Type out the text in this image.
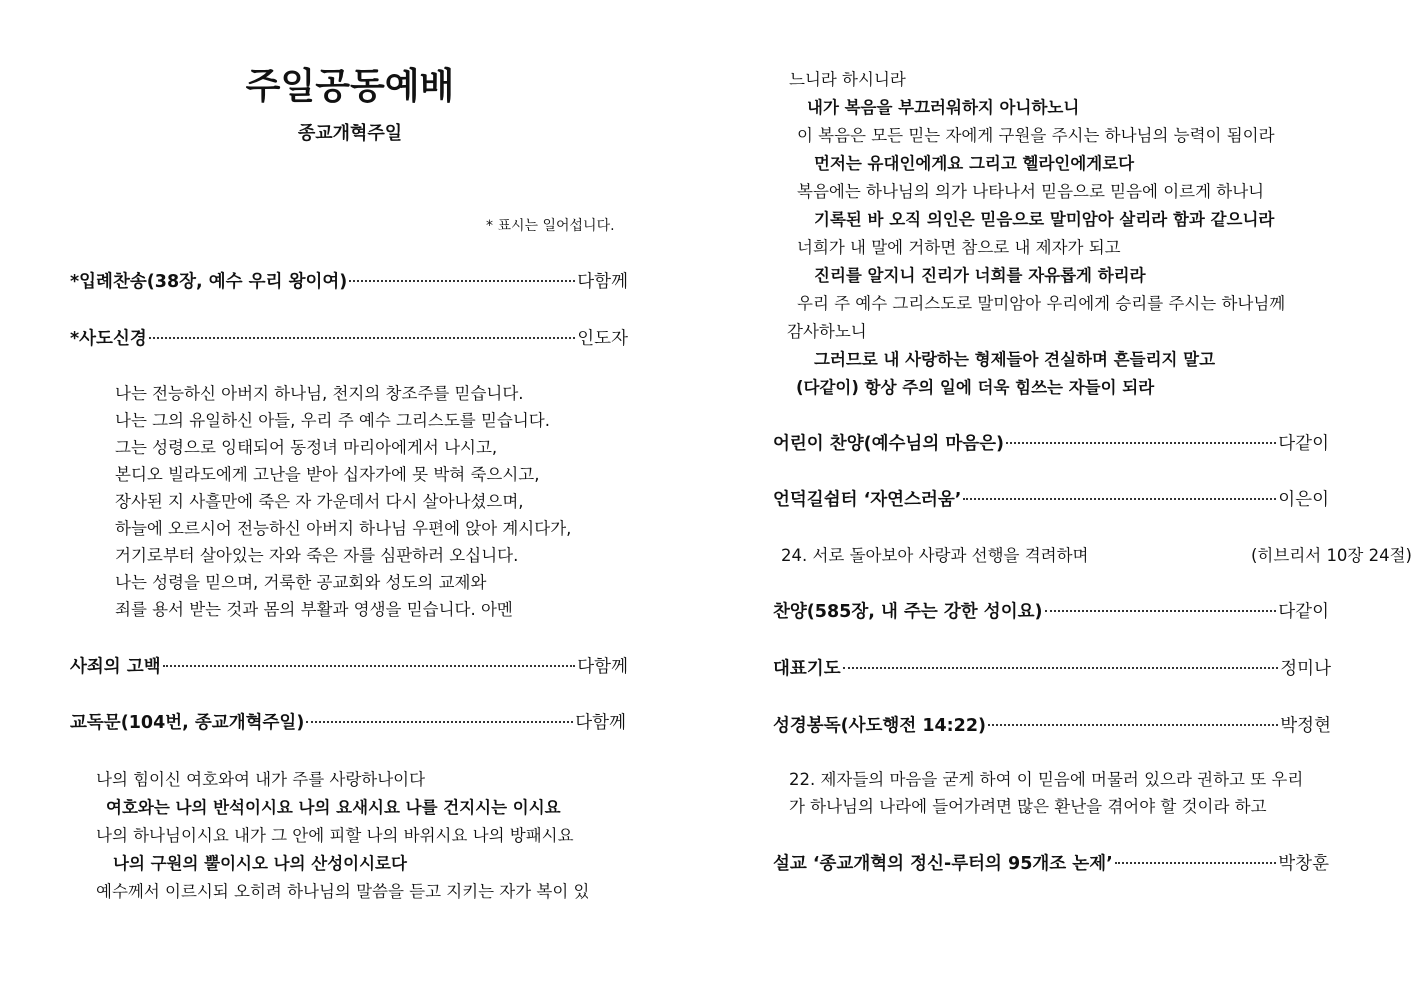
주일공동예배
종교개혁주일
* 표시는 일어섭니다.
*입례찬송(38장, 예수 우리 왕이여)	다함께
*사도신경	인도자
나는 전능하신 아버지 하나님, 천지의 창조주를 믿습니다.
나는 그의 유일하신 아들, 우리 주 예수 그리스도를 믿습니다.
그는 성령으로 잉태되어 동정녀 마리아에게서 나시고,
본디오 빌라도에게 고난을 받아 십자가에 못 박혀 죽으시고,
장사된 지 사흘만에 죽은 자 가운데서 다시 살아나셨으며,
하늘에 오르시어 전능하신 아버지 하나님 우편에 앉아 계시다가,
거기로부터 살아있는 자와 죽은 자를 심판하러 오십니다.
나는 성령을 믿으며, 거룩한 공교회와 성도의 교제와
죄를 용서 받는 것과 몸의 부활과 영생을 믿습니다. 아멘
사죄의 고백	다함께
교독문(104번, 종교개혁주일)	다함께
나의 힘이신 여호와여 내가 주를 사랑하나이다
여호와는 나의 반석이시요 나의 요새시요 나를 건지시는 이시요
나의 하나님이시요 내가 그 안에 피할 나의 바위시요 나의 방패시요
나의 구원의 뿔이시오 나의 산성이시로다
예수께서 이르시되 오히려 하나님의 말씀을 듣고 지키는 자가 복이 있
느니라 하시니라
내가 복음을 부끄러워하지 아니하노니
이 복음은 모든 믿는 자에게 구원을 주시는 하나님의 능력이 됨이라
먼저는 유대인에게요 그리고 헬라인에게로다
복음에는 하나님의 의가 나타나서 믿음으로 믿음에 이르게 하나니
기록된 바 오직 의인은 믿음으로 말미암아 살리라 함과 같으니라
너희가 내 말에 거하면 참으로 내 제자가 되고
진리를 알지니 진리가 너희를 자유롭게 하리라
우리 주 예수 그리스도로 말미암아 우리에게 승리를 주시는 하나님께
감사하노니
그러므로 내 사랑하는 형제들아 견실하며 흔들리지 말고
(다같이) 항상 주의 일에 더욱 힘쓰는 자들이 되라
어린이 찬양(예수님의 마음은)	다같이
언덕길쉼터 ‘자연스러움’	이은이
24. 서로 돌아보아 사랑과 선행을 격려하며	(히브리서 10장 24절)
찬양(585장, 내 주는 강한 성이요)	다같이
대표기도	정미나
성경봉독(사도행전 14:22)	박정현
22. 제자들의 마음을 굳게 하여 이 믿음에 머물러 있으라 권하고 또 우리
가 하나님의 나라에 들어가려면 많은 환난을 겪어야 할 것이라 하고
설교 ‘종교개혁의 정신-루터의 95개조 논제’	박창훈
